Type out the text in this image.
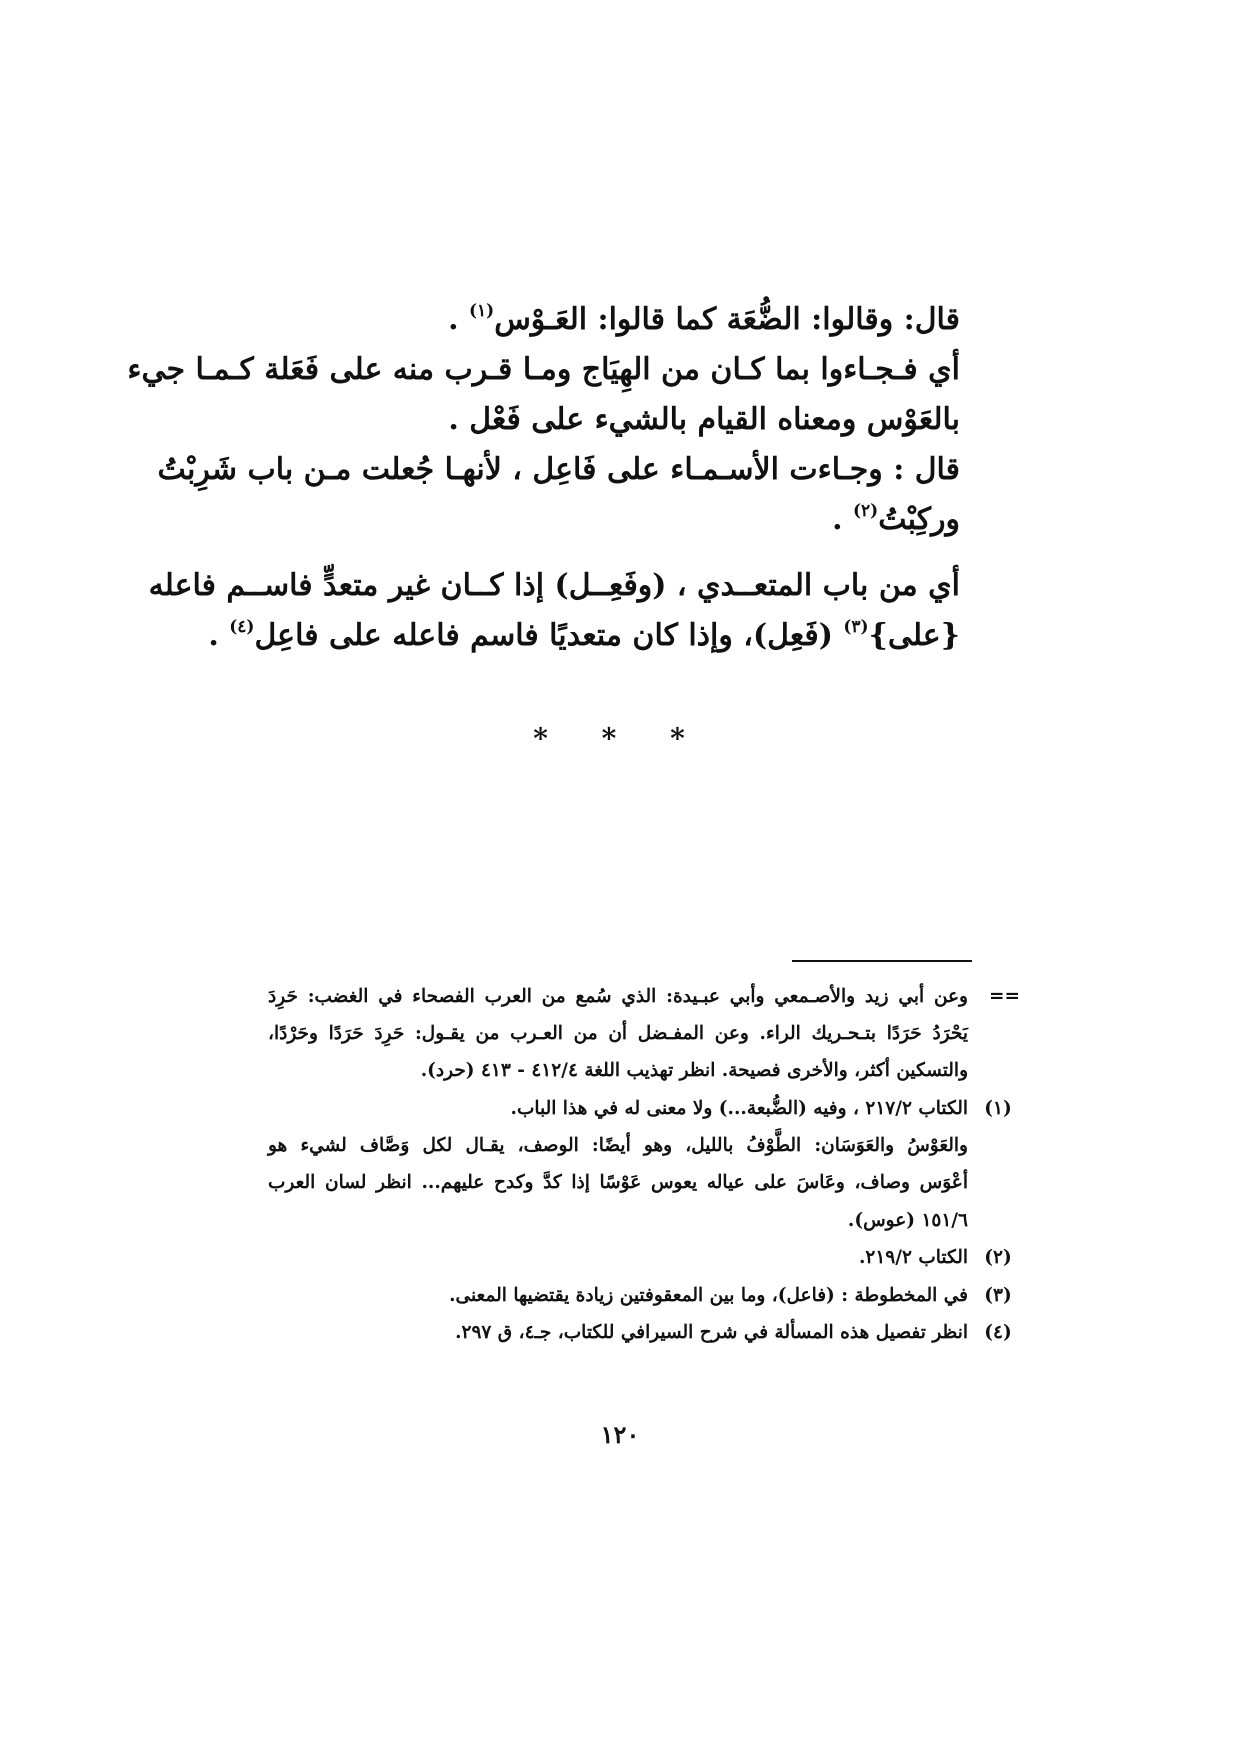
قال: وقالوا: الضُّعَة كما قالوا: العَـوْس$^{(١)}$ .
أي فـجـاءوا بما كـان من الهِيَاج ومـا قـرب منه على فَعَلة كـمـا جيء
بالعَوْس ومعناه القيام بالشيء على فَعْل .
قال : وجـاءت الأسـمـاء على فَاعِل ، لأنهـا جُعلت مـن باب شَرِبْتُ
وركِبْتُ$^{(٢)}$ .
أي من باب المتعــدي ، (وفَعِــل) إذا كــان غير متعدٍّ فاســم فاعله
{على}$^{(٣)}$ (فَعِل)، وإذا كان متعديًا فاسم فاعله على فاعِل$^{(٤)}$ .
* * *
==
وعن أبي زيد والأصـمعي وأبي عبـيدة: الذي سُمع من العرب الفصحاء في الغضب: حَرِدَ
يَحْرَدُ حَرَدًا بتـحـريك الراء. وعن المفـضل أن من العـرب من يقـول: حَرِدَ حَرَدًا وحَرْدًا،
والتسكين أكثر، والأخرى فصيحة. انظر تهذيب اللغة ٤١٢/٤ - ٤١٣ (حرد).
(١)
الكتاب ٢١٧/٢ ، وفيه (الضُّبعة...) ولا معنى له في هذا الباب.
والعَوْسُ والعَوَسَان: الطَّوْفُ بالليل، وهو أيضًا: الوصف، يقـال لكل وَصَّاف لشيء هو
أعْوَس وصاف، وعَاسَ على عياله يعوس عَوْسًا إذا كدَّ وكدح عليهم... انظر لسان العرب
١٥١/٦ (عوس).
(٢)
الكتاب ٢١٩/٢.
(٣)
في المخطوطة : (فاعل)، وما بين المعقوفتين زيادة يقتضيها المعنى.
(٤)
انظر تفصيل هذه المسألة في شرح السيرافي للكتاب، جـ٤، ق ٢٩٧.
١٢٠
